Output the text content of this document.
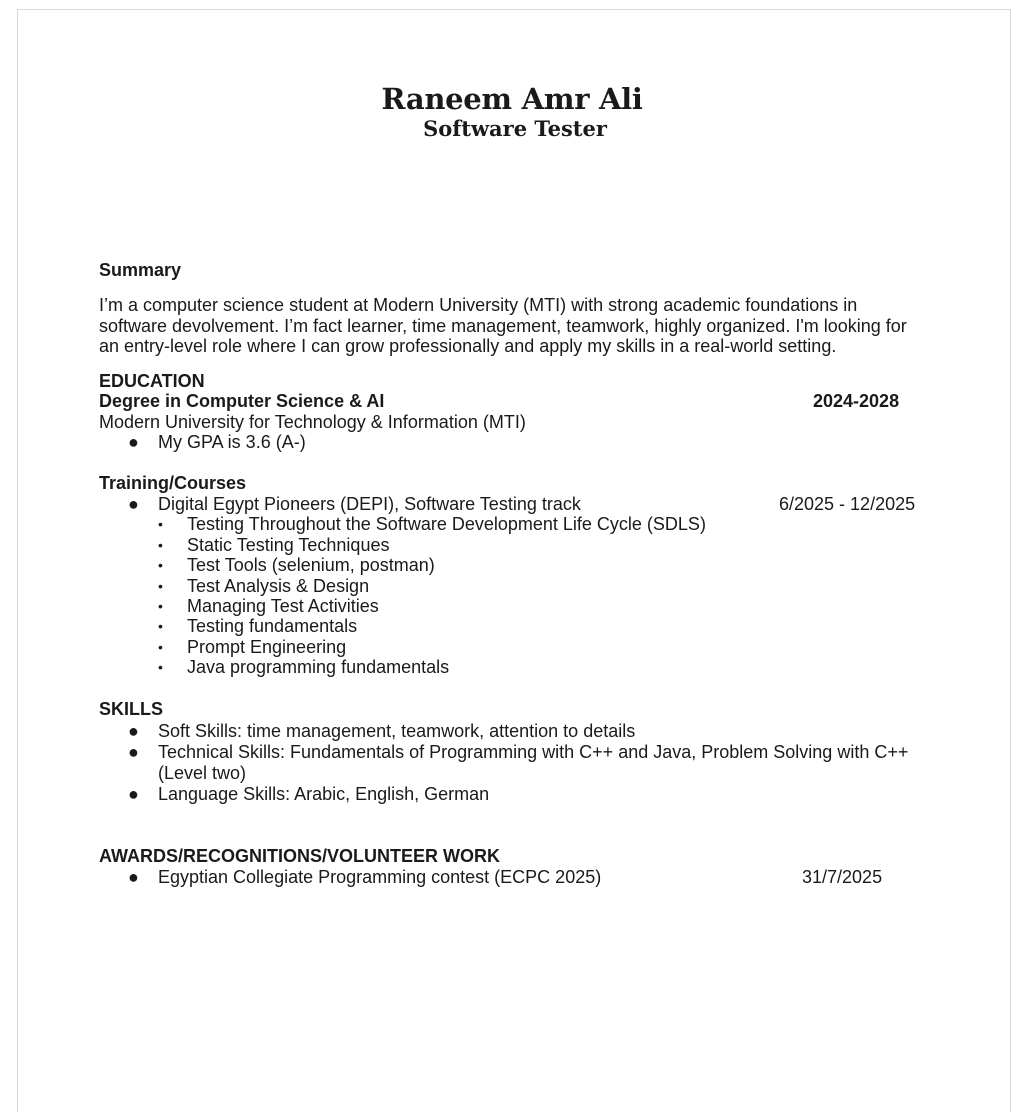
Raneem Amr Ali
Software Tester
Summary
I’m a computer science student at Modern University (MTI) with strong academic foundations in
software devolvement. I’m fact learner, time management, teamwork, highly organized. I'm looking for
an entry-level role where I can grow professionally and apply my skills in a real-world setting.
EDUCATION
Degree in Computer Science & AI	2024-2028
Modern University for Technology & Information (MTI)
● My GPA is 3.6 (A-)
Training/Courses
● Digital Egypt Pioneers (DEPI), Software Testing track	6/2025 - 12/2025
• Testing Throughout the Software Development Life Cycle (SDLS)
• Static Testing Techniques
• Test Tools (selenium, postman)
• Test Analysis & Design
• Managing Test Activities
• Testing fundamentals
• Prompt Engineering
• Java programming fundamentals
SKILLS
● Soft Skills: time management, teamwork, attention to details
● Technical Skills: Fundamentals of Programming with C++ and Java, Problem Solving with C++
(Level two)
● Language Skills: Arabic, English, German
AWARDS/RECOGNITIONS/VOLUNTEER WORK
● Egyptian Collegiate Programming contest (ECPC 2025)	31/7/2025
